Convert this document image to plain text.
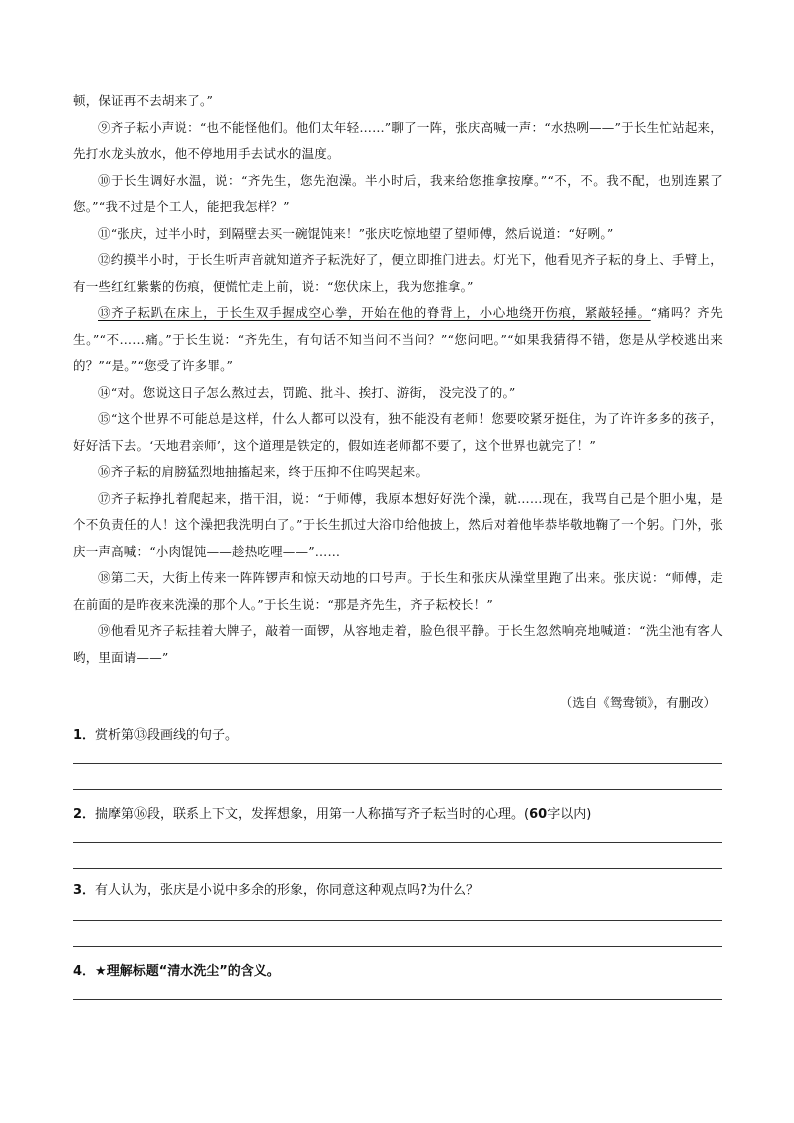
顿，保证再不去胡来了。”

⑨齐子耘小声说：“也不能怪他们。他们太年轻……”聊了一阵，张庆高喊一声：“水热咧——”于长生忙站起来，先打水龙头放水，他不停地用手去试水的温度。

⑩于长生调好水温，说：“齐先生，您先泡澡。半小时后，我来给您推拿按摩。”“不，不。我不配，也别连累了您。”“我不过是个工人，能把我怎样？”

⑪“张庆，过半小时，到隔壁去买一碗馄饨来！”张庆吃惊地望了望师傅，然后说道：“好咧。”

⑫约摸半小时，于长生听声音就知道齐子耘洗好了，便立即推门进去。灯光下，他看见齐子耘的身上、手臂上，有一些红红紫紫的伤痕，便慌忙走上前，说：“您伏床上，我为您推拿。”

⑬齐子耘趴在床上，于长生双手握成空心拳，开始在他的脊背上，小心地绕开伤痕，紧敲轻捶。“痛吗？齐先生。”“不……痛。”于长生说：“齐先生，有句话不知当问不当问？”“您问吧。”“如果我猜得不错，您是从学校逃出来的？”“是。”“您受了许多罪。”

⑭“对。您说这日子怎么熬过去，罚跪、批斗、挨打、游街， 没完没了的。”

⑮“这个世界不可能总是这样，什么人都可以没有，独不能没有老师！您要咬紧牙挺住，为了许许多多的孩子，好好活下去。‘天地君亲师’，这个道理是铁定的，假如连老师都不要了，这个世界也就完了！”

⑯齐子耘的肩膀猛烈地抽搐起来，终于压抑不住呜哭起来。

⑰齐子耘挣扎着爬起来，揩干泪，说：“于师傅，我原本想好好洗个澡，就……现在，我骂自己是个胆小鬼，是个不负责任的人！这个澡把我洗明白了。”于长生抓过大浴巾给他披上，然后对着他毕恭毕敬地鞠了一个躬。门外，张庆一声高喊：“小肉馄饨——趁热吃哩——”……

⑱第二天，大街上传来一阵阵锣声和惊天动地的口号声。于长生和张庆从澡堂里跑了出来。张庆说：“师傅，走在前面的是昨夜来洗澡的那个人。”于长生说：“那是齐先生，齐子耘校长！”

⑲他看见齐子耘挂着大牌子，敲着一面锣，从容地走着，脸色很平静。于长生忽然响亮地喊道：“洗尘池有客人哟，里面请——”

（选自《鸳鸯锁》，有删改）
1．赏析第⑬段画线的句子。
2．揣摩第⑯段，联系上下文，发挥想象，用第一人称描写齐子耘当时的心理。(60字以内)
3．有人认为，张庆是小说中多余的形象，你同意这种观点吗?为什么？
4．★理解标题“清水洗尘”的含义。
